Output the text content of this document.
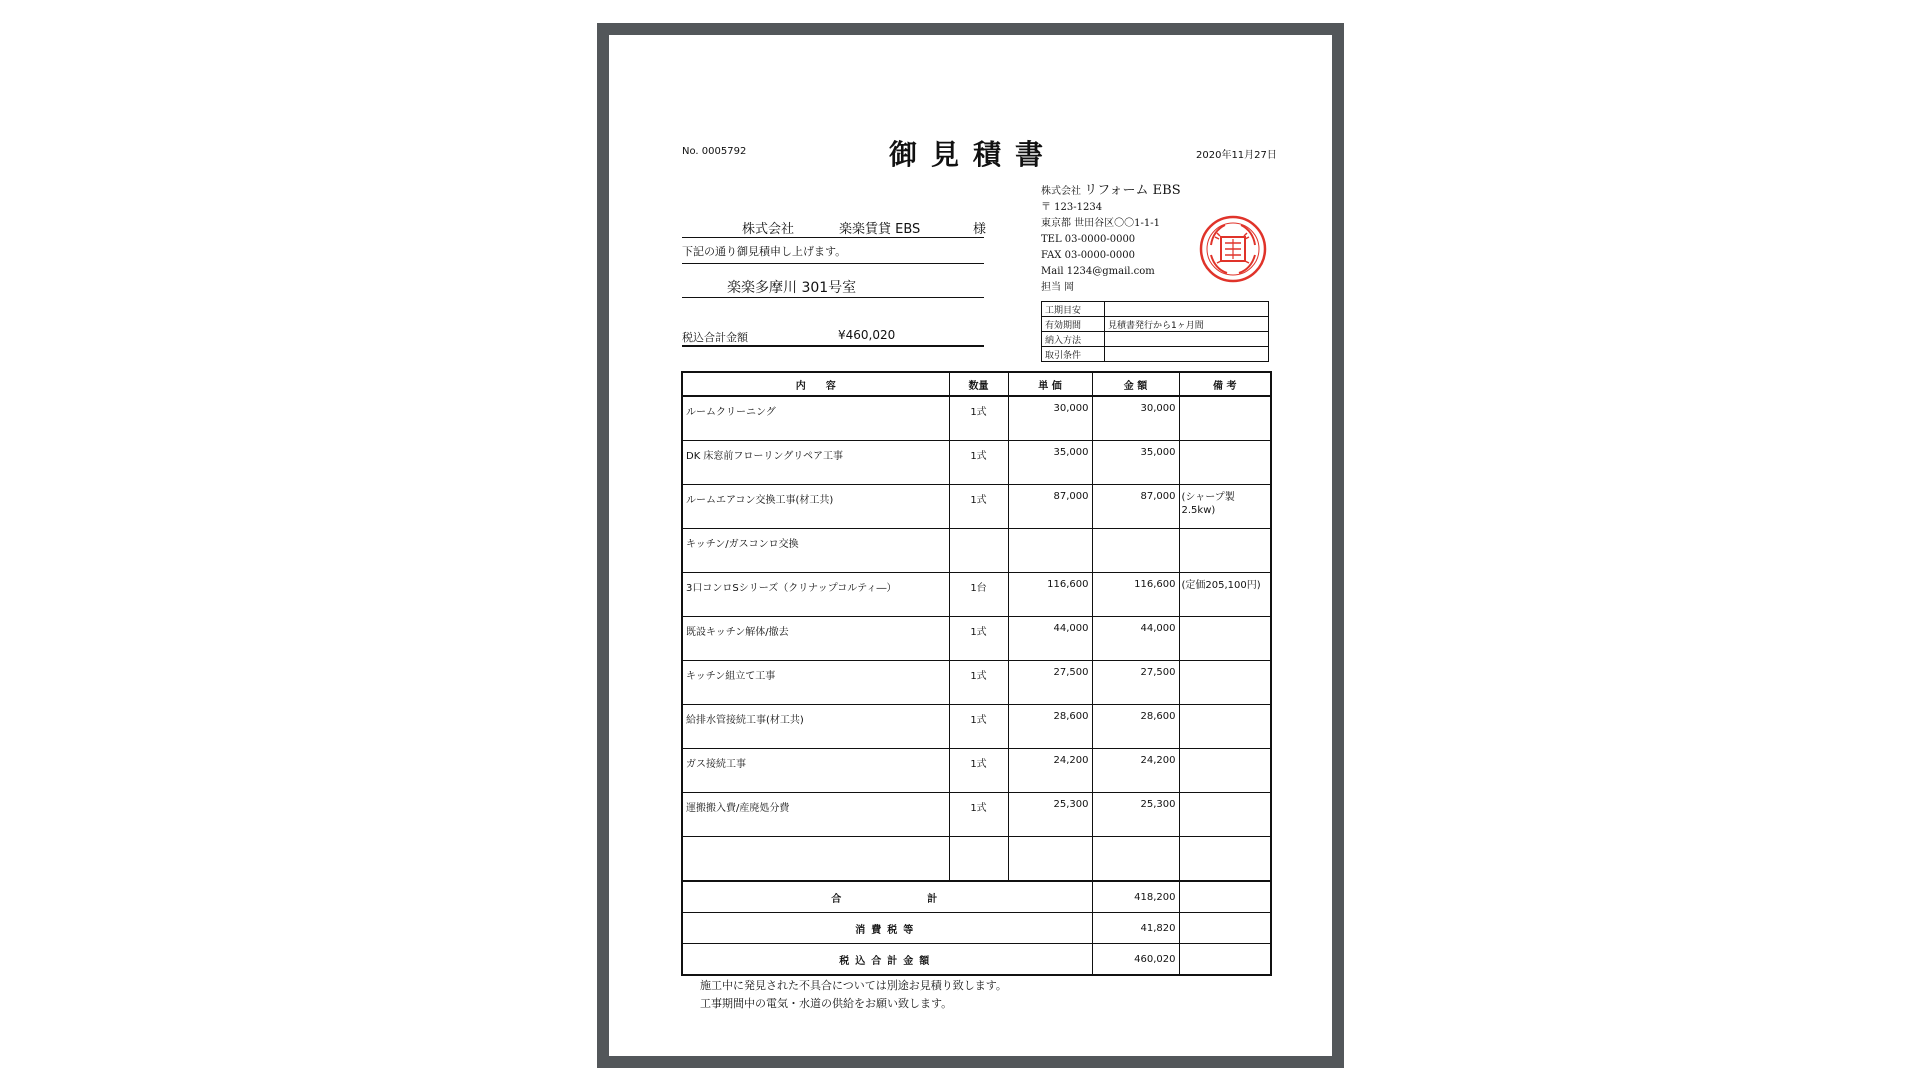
No. 0005792	御見積書	2020年11月27日
株式会社	楽楽賃貸 EBS	様
下記の通り御見積申し上げます。
楽楽多摩川 301号室
税込合計金額	¥460,020
株式会社 リフォーム EBS
〒 123-1234
東京都 世田谷区〇〇1-1-1
TEL 03-0000-0000
FAX 03-0000-0000
Mail 1234@gmail.com
担当 岡
工期目安	
有効期間	見積書発行から1ヶ月間
納入方法	
取引条件	
内　　容	数量	単 価	金 額	備 考
ルームクリーニング	1式	30,000	30,000	
DK 床窓前フローリングリペア工事	1式	35,000	35,000	
ルームエアコン交換工事(材工共)	1式	87,000	87,000	(シャープ製 2.5kw)
キッチン/ガスコンロ交換				
3口コンロSシリーズ（クリナップコルティ―）	1台	116,600	116,600	(定価205,100円)
既設キッチン解体/撤去	1式	44,000	44,000	
キッチン組立て工事	1式	27,500	27,500	
給排水管接続工事(材工共)	1式	28,600	28,600	
ガス接続工事	1式	24,200	24,200	
運搬搬入費/産廃処分費	1式	25,300	25,300	

合　　　　　計			418,200	
消費税等			41,820	
税込合計金額			460,020	
施工中に発見された不具合については別途お見積り致します。
工事期間中の電気・水道の供給をお願い致します。
